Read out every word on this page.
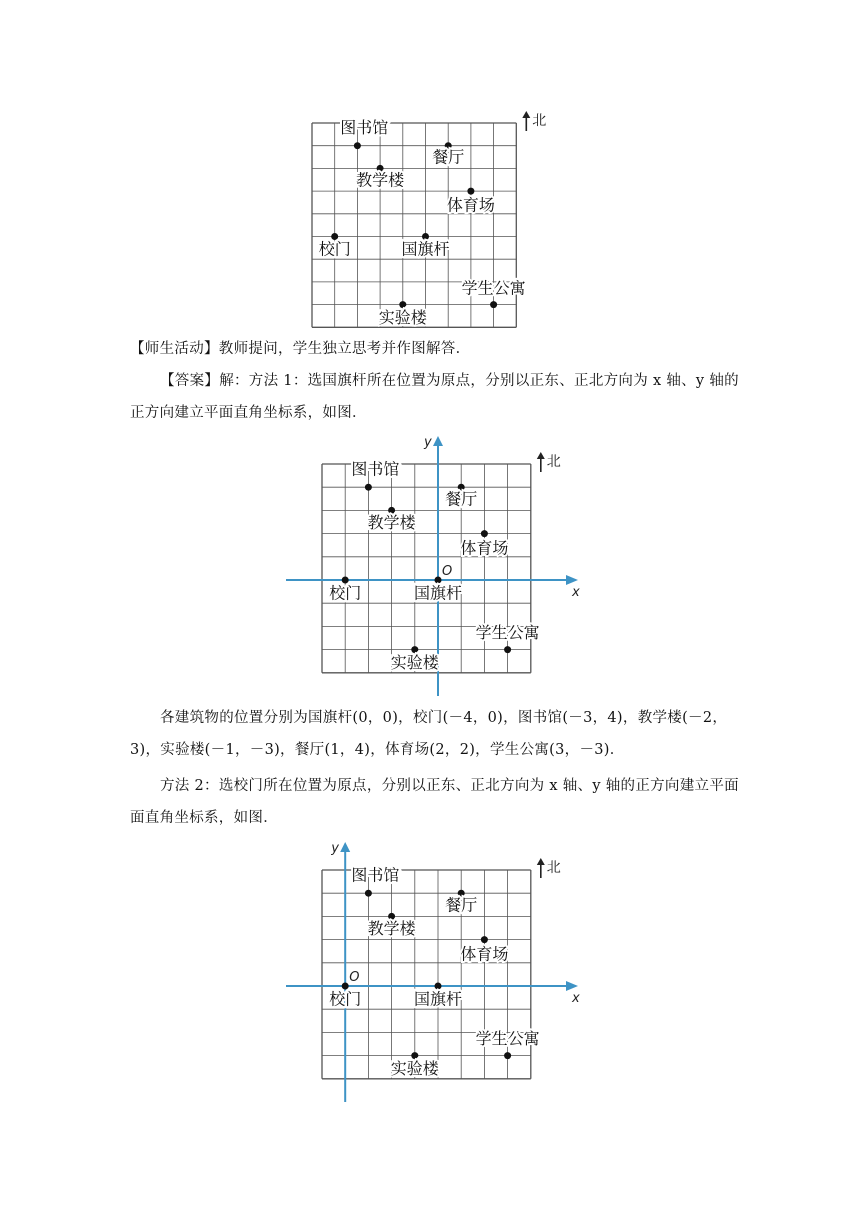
北
图书馆
餐厅
教学楼
体育场
校门	国旗杆
学生公寓
实验楼
【师生活动】教师提问，学生独立思考并作图解答．
【答案】解：方法 1：选国旗杆所在位置为原点，分别以正东、正北方向为 x 轴、y 轴的正方向建立平面直角坐标系，如图．
x
y
O
北
图书馆
餐厅
教学楼
体育场
校门	国旗杆
学生公寓
实验楼
各建筑物的位置分别为国旗杆(0，0)，校门(－4，0)，图书馆(－3，4)，教学楼(－2，3)，实验楼(－1，－3)，餐厅(1，4)，体育场(2，2)，学生公寓(3，－3)．
方法 2：选校门所在位置为原点，分别以正东、正北方向为 x 轴、y 轴的正方向建立平面面直角坐标系，如图．
x
y
O
北
图书馆
餐厅
教学楼
体育场
校门	国旗杆
学生公寓
实验楼
